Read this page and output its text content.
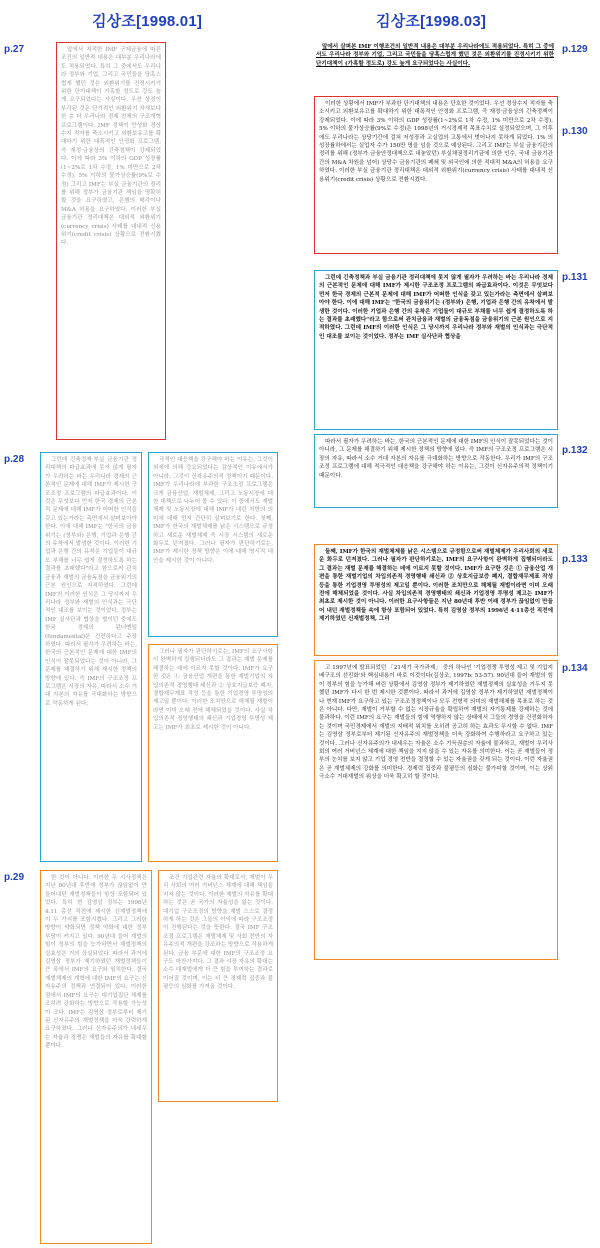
김상조[1998.01]	김상조[1998.03]
p.27
p.28
p.29
p.129
p.130
p.131
p.132
p.133
p.134

앞에서 지적한 IMF 구제금융에 따른 조건의 일반적 내용은 대부분 우리나라에도 적용되었다. 특히 그 중에서도 우리나라 정부와 기업, 그리고 국민들을 당혹스럽게 했던 것은 외환위기를 진정시키기 위한 단기대책이 가혹할 정도로 강도 높게 요구되었다는 사실이다. 우선 상정이 부각된 것은 단기적인 외환위기 자체보다 한 층 더 우리나라 경제 전체의 구조개혁 프로그램이다. IMF 정책이 만성화 경상수지 적자를 축소시키고 외환보유고를 확대하기 위한 대폭적인 안정화 프로그램, 즉 재정·금융상의 긴축정책이 강제되었다. 이에 따라 3% 이하의 GDP 성장률(1~2%로 1차 수정, 1% 미만으로 2차 수정), 5% 이하의 물가상승률(9%로 수정) 그리고 IMF는 부실 금융기관의 정리를 위해 정부가 금융기관 책임을 명확히 할 것을 요구하였고, 은행의 매각이나 M&A 허용을 요구하였다. 이러한 부실 금융기관 정리대책은 대외적 외환위기(currency crisis) 사태를 대내적 신용위기(credit crisis) 상황으로 전환시켰다.

그런데 긴축정책·부실 금융기관 정리대책의 파급효과에 못지 않게 필자가 우려하는 바는 우리나라 경제의 근본적인 문제에 대해 IMF가 제시한 구조조정 프로그램의 파급효과이다. 이것은 무엇보다 먼저 한국 경제의 근본적 문제에 대해 IMF가 어떠한 인식을 갖고 있는가라는 측면에서 살펴보아야 한다. 이에 대해 IMF는 "한국의 금융위기는 (정부와) 은행, 기업과 은행 간의 유착에서 발생한 것이다. 이러한 기업과 은행 간의 유착은 기업들이 대규모 부채를 너무 쉽게 결정하도록 하는 결과를 초래했다"라고 함으로써 관치금융과 재벌의 금융독점을 금융위기의 근본 원인으로 지적하였다. 그런데 IMF의 이러한 인식은 그 당시까지 우리나라 정부와 재벌의 인식과는 극단적인 대조를 보이는 것이었다. 정부는 IMF 실사단과 협상을 벌이던 중에도 한국 경제의 펀더멘털(fundamental)은 건전하다고 주장하였다. 따라서 필자가 우려하는 바는, 한국의 근본적인 문제에 대한 IMF의 인식이 잘못되었다는 것이 아니라, 그 문제를 해결하기 위해 제시한 정책의 방향에 있다. 즉 IMF의 구조조정 프로그램은 시장의 자유, 따라서 소수 거대 자본의 자유를 극대화하는 방향으로 작동하게 된다.

극적인 대응책을 강구해야 하는 이유는, 그것이 외세에 의해 강요되었다는 감상적인 이유에서가 아니라, 그것이 신자유주의적 정책이기 때문이다. IMF가 우리나라에 부과한 구조조정 프로그램은 크게 금융산업, 재벌체제, 그리고 노동시장에 대한 대책으로 나누어 볼 수 있다. 이 중에서도 재벌체제 및 노동시장에 대해 IMF가 내린 처방의 의미에 대해 먼저 간단히 살펴보기로 한다. 첫째, IMF가 한국의 재벌체제를 낡은 시스템으로 규정하고 새로운 재벌체제 즉 시장 시스템의 새로운 화두로 던져졌다. 그러나 필자가 판단하기로는, IMF가 제시한 정책 방향은 이에 대해 명시적 대안을 제시한 것이 아니다.

그러나 필자가 판단하기로는, IMF의 요구사항이 완벽하게 집행되더라도 그 결과는 재벌 문제를 해결하는 데에 이르지 못할 것이다. IMF가 요구한 것은 ① 금융산업 개편을 통한 재벌기업의 자입의존적 경영행태 쇄신과 ② 상호지급보증 폐지, 결합재무제표 작성 등을 통한 기업경영 투명성의 제고일 뿐이다. 이러한 조치만으로 해체될 재벌이라면 이미 오래 전에 해체되었을 것이다. 사실 차입의존적 경영행태의 쇄신과 기업경영 투명성 제고는 IMF가 최초로 제시한 것이 아니다.

한 것이 아니다. 이러한 두 시사정책은 지난 80년대 후반에 정부가 끊임없이 만들어내던 재벌정책들이 항상 포함되어 있었다. 특히 현 김영삼 정부는 1996년 4.11 총선 직전에 제시한 신재벌정책에 이 두 가지를 포함시켰다. 그리고 그러한 방향이 약화되면 정책 약화에 대한 정부 부담이 커지고 있다. 90년대 들어 재벌의 힘이 정부의 힘을 능가하면서 재벌정책의 실효성은 거의 상실되었다. 따라서 과거에 김영삼 정부가 제기하였던 재벌정책들이 큰 폭에서 IMF의 요구와 일치한다. 결국 재벌체제의 개혁에 대한 IMF의 요구는 신자유주의 정책과 연결되어 있다. 이러한 점에서 IMF의 요구는 대기업집단 체제를 오히려 강화하는 방향으로 작용할 가능성이 크다. IMF는 김영삼 정부로부터 제기된 신자유주의 재벌정책을 더욱 강력하게 요구하였다. 그러나 신자유주의가 내세우는 자율과 경쟁은 재벌들의 자유를 확대할 뿐이다.

조건 기업관련 자율의 확대로서, 재벌이 우리 사회의 여러 거버넌스 체계에 대해 책임을 지지 않는 것이다. 이러한 재벌의 자유를 확대하는 것은 곧 국가의 자율성을 잃는 것이다. 대기업 구조조정의 방향을 재벌 스스로 결정하게 하는 것은 그들의 이익에 따라 구조조정이 진행된다는 것을 뜻한다. 결국 IMF 구조조정 프로그램은 재벌체제 및 사회 전반의 자유주의적 개편을 강조하는 방향으로 작용하게 된다. 금융 부문에 대한 IMF의 구조조정 요구도 마찬가지다. 그 결과 시장 자유의 확대는 소수 대재벌에게 더 큰 힘을 부여하는 결과로 이어질 것이며, 이는 더 큰 경제력 집중과 불평등의 심화를 가져올 것이다.

앞에서 살펴본 IMF 이행조건의 일반적 내용은 대부분 우리나라에도 적용되었다. 특히 그 중에서도 우리나라 정부와 기업, 그리고 국민들을 당혹스럽게 했던 것은 외환위기를 진정시키기 위한 단기대책이 (가혹할 정도로) 강도 높게 요구되었다는 사실이다.

이러한 상황에서 IMF가 부과한 단기대책의 내용은 단호한 것이었다. 우선 경상수지 적자를 축소시키고 외환보유고를 확대하기 위한 대폭적인 안정화 프로그램, 즉 재정·금융상의 긴축정책이 강제되었다. 이에 따라 3% 이하의 GDP 성장률(1~2%로 1차 수정, 1% 미만으로 2차 수정), 5% 이하의 물가상승률(9%로 수정)은 1998년의 거시경제적 목표수치로 설정되었으며, 그 이후에도 우리나라는 상당기간에 걸쳐 저성장과 고실업의 고통에서 벗어나지 못하게 되었다. 1% 의 성장률하에서는 실업자 수가 150만 명을 넘을 것으로 예상된다. 그리고 IMF는 부실 금융기관의 정리를 위해 (정부가 금융안정대책으로 내놓았던) 부실채권정리기금에 의한 인수, 국내 금융기관간의 M&A 차원을 넘어) 상당수 금융기관의 폐쇄 및 외국인에 의한 적대적 M&A의 허용을 요구하였다. 이러한 부실 금융기관 정리대책은 대외적 외환위기(currency crisis) 사태를 대내적 신용위기(credit crisis) 상황으로 전환시켰다.

그런데 긴축정책과 부실 금융기관 정리대책에 못지 않게 필자가 우려하는 바는 우리나라 경제의 근본적인 문제에 대해 IMF가 제시한 구조조정 프로그램의 파급효과이다. 이것은 무엇보다 먼저 한국 경제의 근본적 문제에 대해 IMF가 어떠한 인식을 갖고 있는가라는 측면에서 살펴보아야 한다. 이에 대해 IMF는 "한국의 금융위기는 (정부와) 은행, 기업과 은행 간의 유착에서 발생한 것이다. 이러한 기업과 은행 간의 유착은 기업들이 대규모 부채를 너무 쉽게 결정하도록 하는 결과를 초래했다"라고 함으로써 관치금융과 재벌의 금융독점을 금융위기의 근본 원인으로 지적하였다. 그런데 IMF의 이러한 인식은 그 당시까지 우리나라 정부와 재벌의 인식과는 극단적인 대조를 보이는 것이었다. 정부는 IMF 실사단과 협상을

따라서 필자가 우려하는 바는, 한국의 근본적인 문제에 대한 IMF의 인식이 잘못되었다는 것이 아니라, 그 문제를 해결하기 위해 제시한 정책의 방향에 있다. 즉 IMF의 구조조정 프로그램은 시장의 자유, 따라서 소수 거대 자본의 자유를 극대화하는 방향으로 작동한다. 우리가 IMF의 구조조정 프로그램에 대해 적극적인 대응책을 강구해야 하는 이유는, 그것이 신자유주의적 정책이기 때문이다.

둘째, IMF가 한국의 재벌체제를 낡은 시스템으로 규정함으로써 재벌체제가 우리사회의 새로운 화두로 던져졌다. 그러나 필자가 판단하기로는, IMF의 요구사항이 완벽하게 집행되더라도 그 결과는 재벌 문제를 해결하는 데에 이르지 못할 것이다. IMF가 요구한 것은 ① 금융산업 개편을 통한 재벌기업의 차입의존적 경영행태 쇄신과 ② 상호지급보증 폐지, 결합재무제표 작성 등을 통한 기업경영 투명성의 제고일 뿐이다. 이러한 조치만으로 해체될 재벌이라면 이미 오래 전에 해체되었을 것이다. 사실 차입의존적 경영행태의 쇄신과 기업경영 투명성 제고는 IMF가 최초로 제시한 것이 아니다. 이러한 요구사항들은 지난 80년대 후반 이래 정부가 끊임없이 만들어 내던 재벌정책들 속에 항상 포함되어 있었다. 특히 김영삼 정부의 1996년 4·11총선 직전에 제기하였던 신재벌정책, 그리

고 1997년에 발표되었던 「21세기 국가과제」 중의 하나인 '기업경쟁 투명성 제고 및 기업지배구조의 선진화'와 핵심내용이 바로 이것이다(김상조, 1997b: 53-57). 90년대 들어 재벌의 힘이 정부의 힘을 능가해 버린 상황에서 김영삼 정부가 제기하였던 재벌정책의 실효성을 거두지 못했던 IMF가 다시 한 번 제시한 것뿐이다. 따라서 과거에 김영삼 정부가 제기하였던 재벌정책이나 현재 IMF가 요구하고 있는 구조조정정책이나 모두 전형적 의미의 재벌해체를 목표로 하는 것은 아니다. 다만, 재벌이 거부할 수 없는 시장규율을 확립하여 재벌의 자기통제를 강제하는 것에 불과하다. 이런 IMF의 요구는 재벌들의 힘에 역행하지 않는 상태에서 그들의 경영을 건전화하자는 것이며 국민경제에서 재벌의 지배적 위치를 오히려 공고히 하는 효과도 무시할 수 없다. IMF는 김영삼 정부로부터 제기된 신자유주의 재벌정책을 더욱 강화하여 수행하라고 요구하고 있는 것이다. 그러나 신자유주의가 내세우는 자율은 소수 기득권층의 자율에 불과하고, 재벌이 우리사회의 여러 거버넌스 체계에 대한 책임을 지지 않을 수 있는 자유를 의미한다. 이는 곧 재벌들이 정부의 눈치를 보지 않고 기업 경영 전반을 결정할 수 있는 자율권을 갖게 되는 것이다. 이런 자율권은 곧 재벌체제의 강화를 의미한다. 경제력 집중과 불평등의 심화는 불가피할 것이며, 이는 상위 극소수 거대재벌의 위상을 더욱 확고히 할 것이다.
